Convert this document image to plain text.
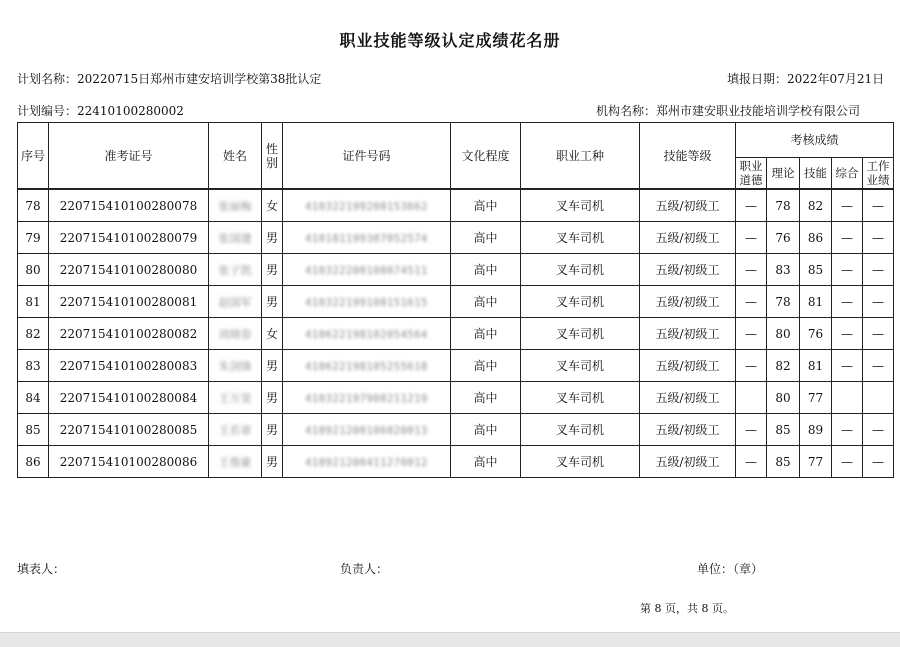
职业技能等级认定成绩花名册
计划名称：20220715日郑州市建安培训学校第38批认定	填报日期：2022年07月21日
计划编号：22410100280002	机构名称：郑州市建安职业技能培训学校有限公司
序号	准考证号	姓名	性别	证件号码	文化程度	职业工种	技能等级	考核成绩				
								职业道德	理论	技能	综合	工作业绩
78	220715410100280078	张丽梅	女	410322199208153662	高中	叉车司机	五级/初级工	—	78	82	—	—
79	220715410100280079	张国建	男	410181199307052574	高中	叉车司机	五级/初级工	—	76	86	—	—
80	220715410100280080	张子凯	男	410322200108074511	高中	叉车司机	五级/初级工	—	83	85	—	—
81	220715410100280081	赵国军	男	410322199108151615	高中	叉车司机	五级/初级工	—	78	81	—	—
82	220715410100280082	周晓春	女	410622198102054564	高中	叉车司机	五级/初级工	—	80	76	—	—
83	220715410100280083	朱剑锋	男	410622198105255618	高中	叉车司机	五级/初级工	—	82	81	—	—
84	220715410100280084	王万里	男	410322197908211219	高中	叉车司机	五级/初级工		80	77		
85	220715410100280085	王若章	男	410921200106020013	高中	叉车司机	五级/初级工	—	85	89	—	—
86	220715410100280086	王俊豪	男	410921200411270012	高中	叉车司机	五级/初级工	—	85	77	—	—
填表人：	负责人：	单位：（章）
第 8 页，共 8 页。
